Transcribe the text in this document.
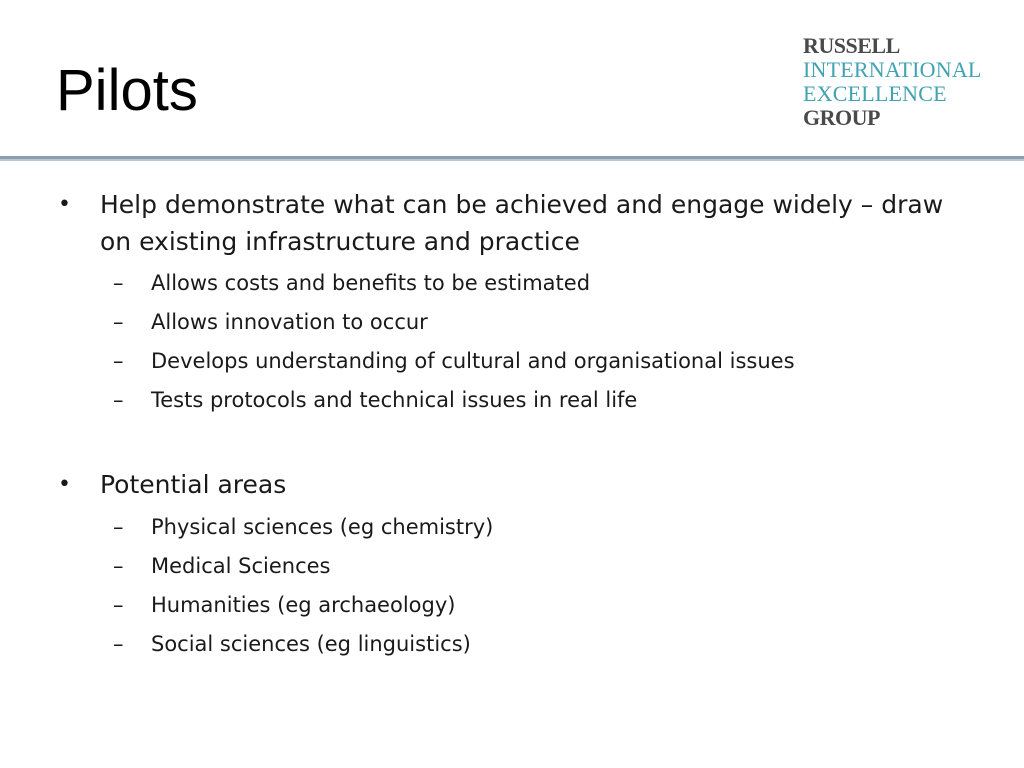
Pilots
RUSSELL
INTERNATIONAL
EXCELLENCE
GROUP
• Help demonstrate what can be achieved and engage widely – draw on existing infrastructure and practice
– Allows costs and benefits to be estimated
– Allows innovation to occur
– Develops understanding of cultural and organisational issues
– Tests protocols and technical issues in real life
• Potential areas
– Physical sciences (eg chemistry)
– Medical Sciences
– Humanities (eg archaeology)
– Social sciences (eg linguistics)
